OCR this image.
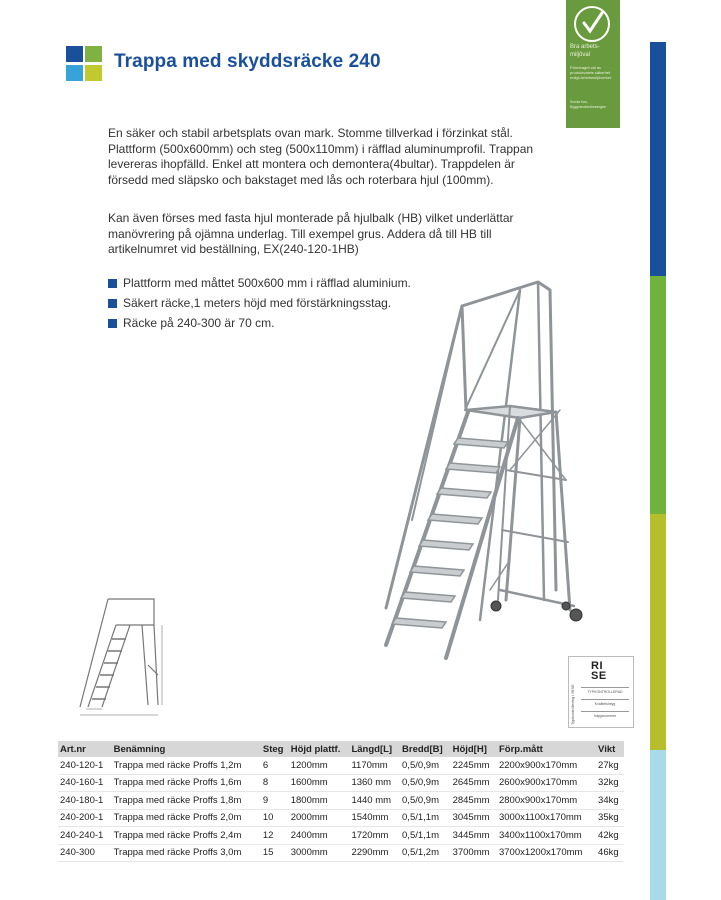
Trappa med skyddsräcke 240
Bra arbets-miljöval
Föredraget val av produktvalets säkerhet enligt Arbetsmiljöverket
Sunda hus, Byggvarubedömningen

En säker och stabil arbetsplats ovan mark. Stomme tillverkad i förzinkat stål. Plattform (500x600mm) och steg (500x110mm) i räfflad aluminumprofil. Trappan levereras ihopfälld. Enkel att montera och demontera(4bultar). Trappdelen är försedd med släpsko och bakstaget med lås och roterbara hjul (100mm).

Kan även förses med fasta hjul monterade på hjulbalk (HB) vilket underlättar manövrering på ojämna underlag. Till exempel grus. Addera då till HB till artikelnumret vid beställning, EX(240-120-1HB)

Plattform med måttet 500x600 mm i räfflad aluminium.
Säkert räcke,1 meters höjd med förstärkningsstag.
Räcke på 240-300 är 70 cm.
Typkontrollering i RISE
RI
SE
TYPKONTROLLERAD
Kvalitetsintyg
Intygsnummer
Art.nr	Benämning	Steg	Höjd plattf.	Längd[L]	Bredd[B]	Höjd[H]	Förp.mått	Vikt
240-120-1	Trappa med räcke Proffs 1,2m	6	1200mm	1170mm	0,5/0,9m	2245mm	2200x900x170mm	27kg
240-160-1	Trappa med räcke Proffs 1,6m	8	1600mm	1360 mm	0,5/0,9m	2645mm	2600x900x170mm	32kg
240-180-1	Trappa med räcke Proffs 1,8m	9	1800mm	1440 mm	0,5/0,9m	2845mm	2800x900x170mm	34kg
240-200-1	Trappa med räcke Proffs 2,0m	10	2000mm	1540mm	0,5/1,1m	3045mm	3000x1100x170mm	35kg
240-240-1	Trappa med räcke Proffs 2,4m	12	2400mm	1720mm	0,5/1,1m	3445mm	3400x1100x170mm	42kg
240-300	Trappa med räcke Proffs 3,0m	15	3000mm	2290mm	0,5/1,2m	3700mm	3700x1200x170mm	46kg
